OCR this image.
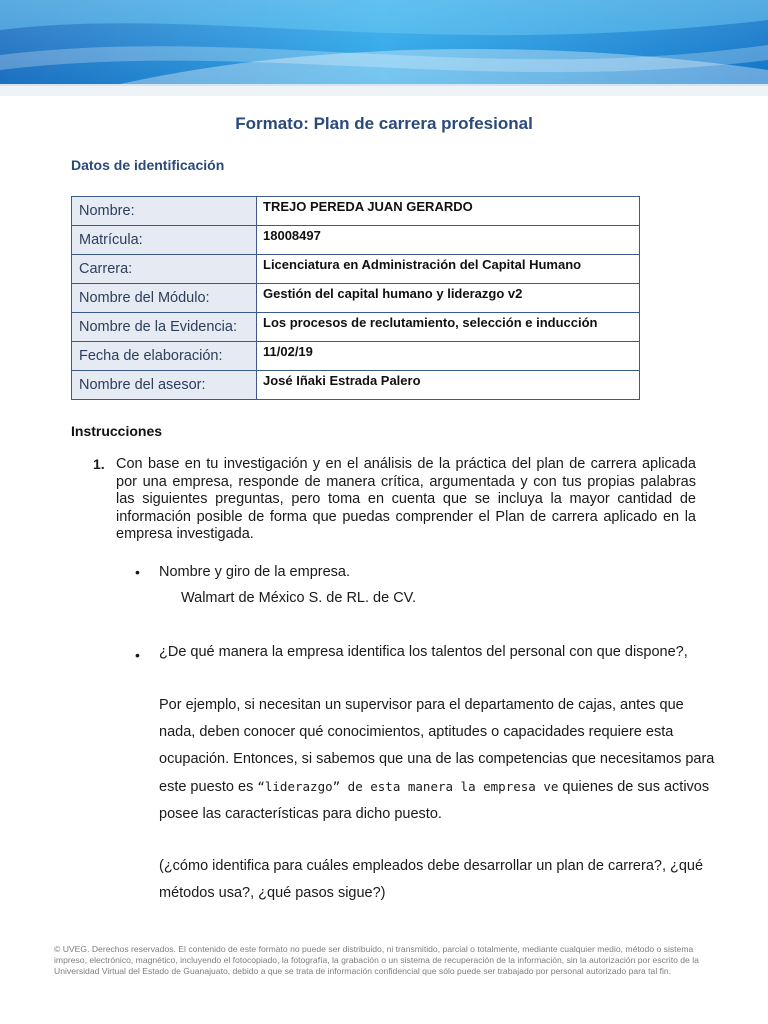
Formato: Plan de carrera profesional
Datos de identificación
Nombre:	TREJO PEREDA JUAN GERARDO
Matrícula:	18008497
Carrera:	Licenciatura en Administración del Capital Humano
Nombre del Módulo:	Gestión del capital humano y liderazgo v2
Nombre de la Evidencia:	Los procesos de reclutamiento, selección e inducción
Fecha de elaboración:	11/02/19
Nombre del asesor:	José Iñaki Estrada Palero
Instrucciones
1. Con base en tu investigación y en el análisis de la práctica del plan de carrera aplicada por una empresa, responde de manera crítica, argumentada y con tus propias palabras las siguientes preguntas, pero toma en cuenta que se incluya la mayor cantidad de información posible de forma que puedas comprender el Plan de carrera aplicado en la empresa investigada.
• Nombre y giro de la empresa.
Walmart de México S. de RL. de CV.
• ¿De qué manera la empresa identifica los talentos del personal con que dispone?,
Por ejemplo, si necesitan un supervisor para el departamento de cajas, antes que nada, deben conocer qué conocimientos, aptitudes o capacidades requiere esta ocupación. Entonces, si sabemos que una de las competencias que necesitamos para este puesto es “liderazgo” de esta manera la empresa ve quienes de sus activos posee las características para dicho puesto.
(¿cómo identifica para cuáles empleados debe desarrollar un plan de carrera?, ¿qué métodos usa?, ¿qué pasos sigue?)
© UVEG. Derechos reservados. El contenido de este formato no puede ser distribuido, ni transmitido, parcial o totalmente, mediante cualquier medio, método o sistema impreso, electrónico, magnético, incluyendo el fotocopiado, la fotografía, la grabación o un sistema de recuperación de la información, sin la autorización por escrito de la Universidad Virtual del Estado de Guanajuato, debido a que se trata de información confidencial que sólo puede ser trabajado por personal autorizado para tal fin.
